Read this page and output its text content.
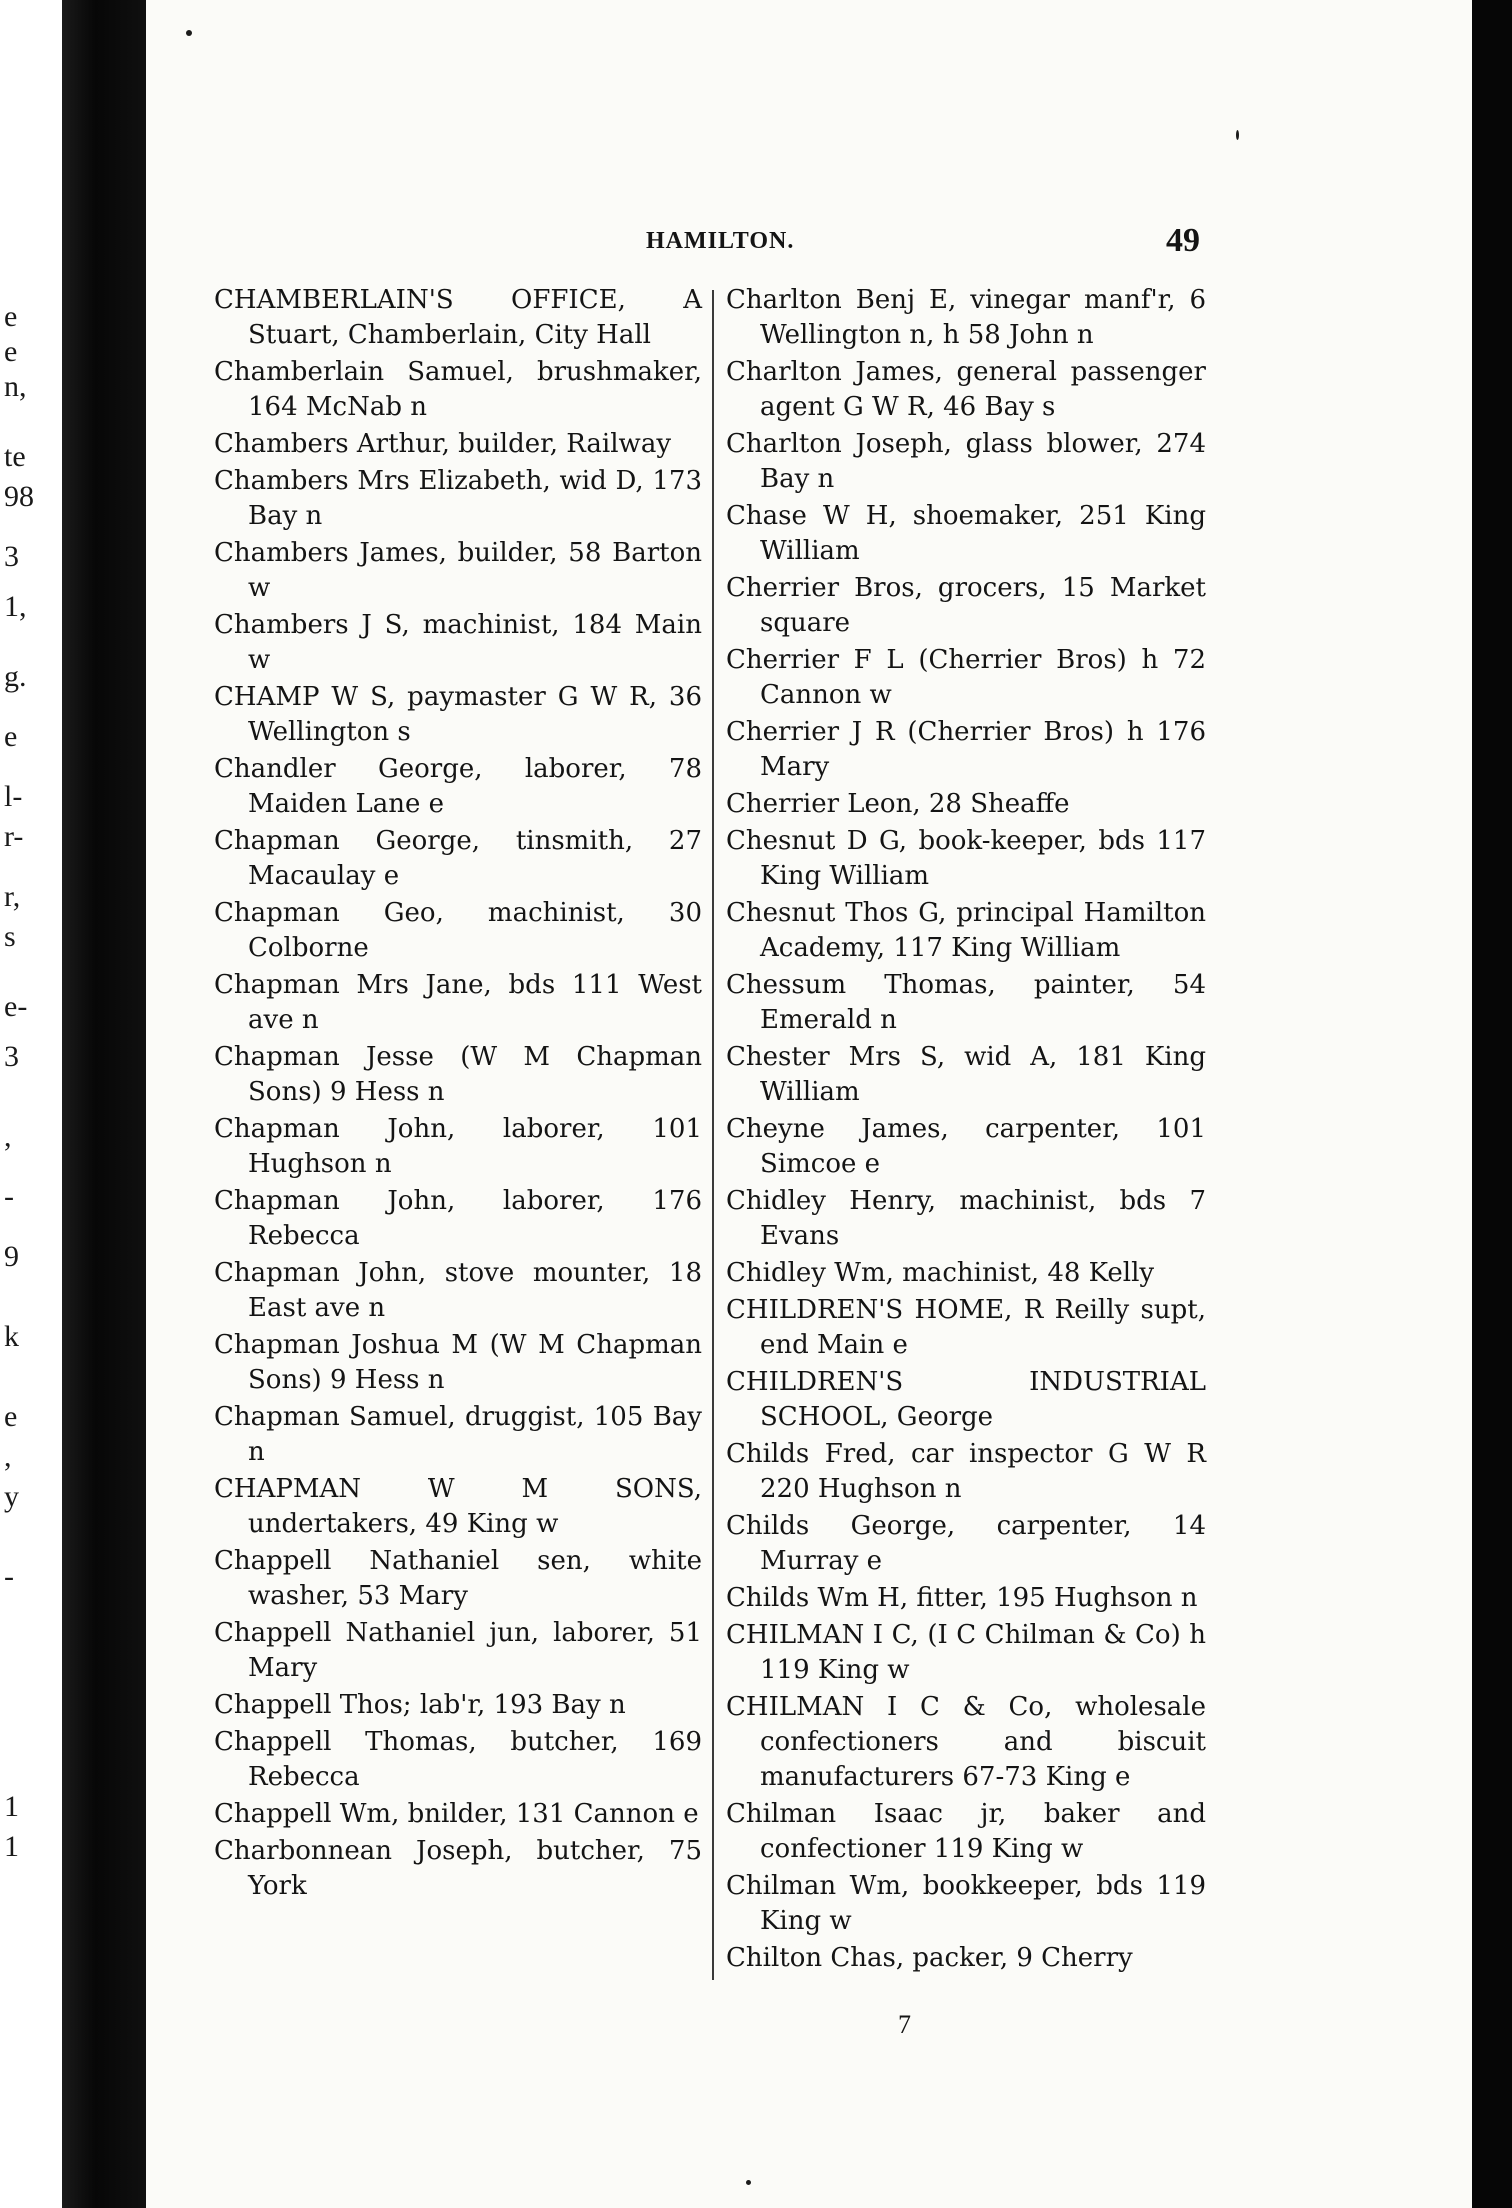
e
e
n,
te
98
3
1,
g.
e
l-
r-
r,
s
e-
3
,
-
9
k
e
,
y
-
1
1
HAMILTON.	49

CHAMBERLAIN'S OFFICE, A Stuart, Chamberlain, City Hall

Chamberlain Samuel, brushmaker, 164 McNab n

Chambers Arthur, builder, Railway

Chambers Mrs Elizabeth, wid D, 173 Bay n

Chambers James, builder, 58 Barton w

Chambers J S, machinist, 184 Main w

CHAMP W S, paymaster G W R, 36 Wellington s

Chandler George, laborer, 78 Maiden Lane e

Chapman George, tinsmith, 27 Macaulay e

Chapman Geo, machinist, 30 Colborne

Chapman Mrs Jane, bds 111 West ave n

Chapman Jesse (W M Chapman Sons) 9 Hess n

Chapman John, laborer, 101 Hughson n

Chapman John, laborer, 176 Rebecca

Chapman John, stove mounter, 18 East ave n

Chapman Joshua M (W M Chapman Sons) 9 Hess n

Chapman Samuel, druggist, 105 Bay n

CHAPMAN W M SONS, undertakers, 49 King w

Chappell Nathaniel sen, white washer, 53 Mary

Chappell Nathaniel jun, laborer, 51 Mary

Chappell Thos; lab'r, 193 Bay n

Chappell Thomas, butcher, 169 Rebecca

Chappell Wm, bnilder, 131 Cannon e

Charbonnean Joseph, butcher, 75 York

Charlton Benj E, vinegar manf'r, 6 Wellington n, h 58 John n

Charlton James, general passenger agent G W R, 46 Bay s

Charlton Joseph, glass blower, 274 Bay n

Chase W H, shoemaker, 251 King William

Cherrier Bros, grocers, 15 Market square

Cherrier F L (Cherrier Bros) h 72 Cannon w

Cherrier J R (Cherrier Bros) h 176 Mary

Cherrier Leon, 28 Sheaffe

Chesnut D G, book-keeper, bds 117 King William

Chesnut Thos G, principal Hamilton Academy, 117 King William

Chessum Thomas, painter, 54 Emerald n

Chester Mrs S, wid A, 181 King William

Cheyne James, carpenter, 101 Simcoe e

Chidley Henry, machinist, bds 7 Evans

Chidley Wm, machinist, 48 Kelly

CHILDREN'S HOME, R Reilly supt, end Main e

CHILDREN'S INDUSTRIAL SCHOOL, George

Childs Fred, car inspector G W R 220 Hughson n

Childs George, carpenter, 14 Murray e

Childs Wm H, fitter, 195 Hughson n

CHILMAN I C, (I C Chilman & Co) h 119 King w

CHILMAN I C & Co, wholesale confectioners and biscuit manufacturers 67-73 King e

Chilman Isaac jr, baker and confectioner 119 King w

Chilman Wm, bookkeeper, bds 119 King w

Chilton Chas, packer, 9 Cherry

7
